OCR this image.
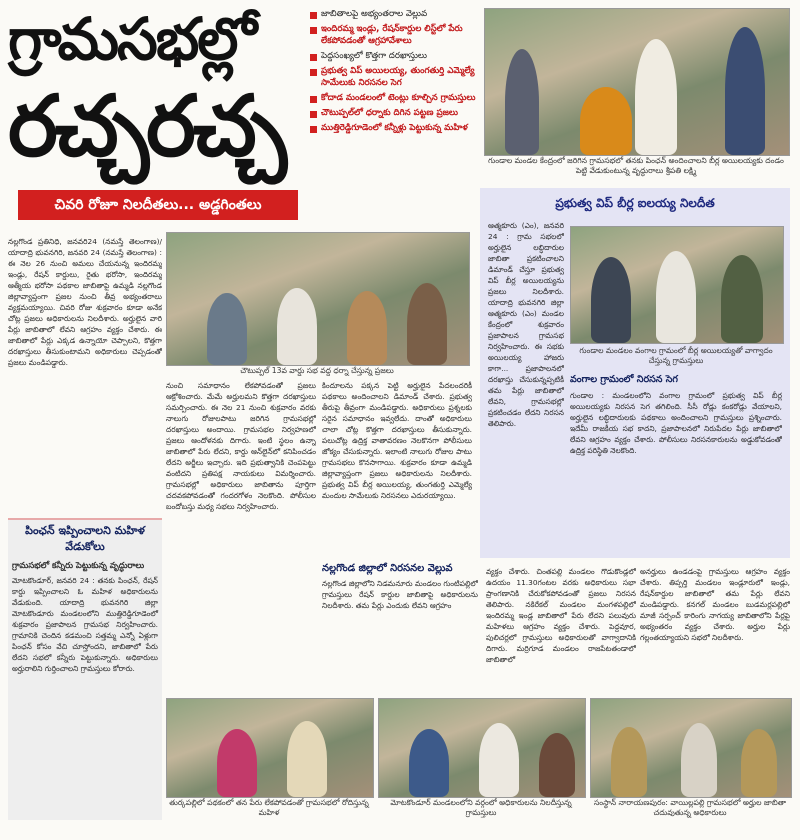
గ్రామసభల్లో
రచ్చరచ్చ
చివరి రోజూ నిలదీతలు... అడ్డగింతలు
జాబితాలపై అభ్యంతరాల వెల్లువ
ఇందిరమ్మ ఇండ్లు, రేషన్‌కార్డుల లిస్ట్‌లో పేరు లేకపోవడంతో ఆగ్రహావేశాలు
పెద్దసంఖ్యలో కొత్తగా దరఖాస్తులు
ప్రభుత్వ విప్ అయిలయ్య, తుంగతుర్తి ఎమ్మెల్యే సామేలుకు నిరసనల సెగ
కోదాడ మండలంలో టెంట్లు కూల్చిన గ్రామస్తులు
చౌటుప్పల్‌లో ధర్నాకు దిగిన పట్టణ ప్రజలు
ముత్తిరెడ్డిగూడెంలో కన్నీళ్లు పెట్టుకున్న మహిళ
గుండాల మండల కేంద్రంలో జరిగిన గ్రామసభలో తనకు పింఛన్ అందించాలని బీర్ల అయిలయ్యకు దండం పెట్టి వేడుకుంటున్న వృద్ధురాలు శ్రీపతి లక్ష్మి
నల్లగొండ ప్రతినిధి, జనవరి24 (నమస్తే తెలంగాణ)/యాదాద్రి భువనగిరి, జనవరి 24 (నమస్తే తెలంగాణ) : ఈ నెల 26 నుంచి అమలు చేయనున్న ఇందిరమ్మ ఇండ్లు, రేషన్ కార్డులు, రైతు భరోసా, ఇందిరమ్మ ఆత్మీయ భరోసా పథకాల జాబితాపై ఉమ్మడి నల్లగొండ జిల్లావ్యాప్తంగా ప్రజల నుంచి తీవ్ర అభ్యంతరాలు వ్యక్తమయ్యాయి. చివరి రోజు శుక్రవారం కూడా అనేక చోట్ల ప్రజలు అధికారులను నిలదీశారు. అర్హులైన వారి పేర్లు జాబితాలో లేవని ఆగ్రహం వ్యక్తం చేశారు. ఈ జాబితాలో పేర్లు ఎక్కడ ఉన్నాయో చెప్పాలని, కొత్తగా దరఖాస్తులు తీసుకుంటామని అధికారులు చెప్పడంతో ప్రజలు మండిపడ్డారు.
చౌటుప్పల్ 13వ వార్డు సభ వద్ద ధర్నా చేస్తున్న ప్రజలు
ప్రభుత్వ విప్ బీర్ల ఐలయ్య నిలదీత
ఆత్మకూరు (ఎం), జనవరి 24 : గ్రామ సభలలో అర్హులైన లబ్ధిదారుల జాబితా ప్రకటించాలని డిమాండ్ చేస్తూ ప్రభుత్వ విప్ బీర్ల అయిలయ్యను ప్రజలు నిలదీశారు. యాదాద్రి భువనగిరి జిల్లా ఆత్మకూరు (ఎం) మండల కేంద్రంలో శుక్రవారం ప్రజాపాలన గ్రామసభ నిర్వహించారు. ఈ సభకు అయిలయ్య హాజరు కాగా... ప్రజాపాలనలో దరఖాస్తు చేసుకున్నప్పటికీ తమ పేర్లు జాబితాలో లేవని, గ్రామసభల్లో ప్రకటించడం లేదని నిరసన తెలిపారు.
గుండాల మండలం వంగాల గ్రామంలో బీర్ల అయిలయ్యతో వాగ్వాదం చేస్తున్న గ్రామస్తులు
వంగాల గ్రామంలో నిరసన సెగ
గుండాల : మండలంలోని వంగాల గ్రామంలో ప్రభుత్వ విప్ బీర్ల అయిలయ్యకు నిరసన సెగ తగిలింది. సీసీ రోడ్లు కంకరోడ్లు వేయాలని, అర్హులైన లబ్ధిదారులకు పథకాలు అందించాలని గ్రామస్తులు ప్రశ్నించారు. ఇదేమీ రాజకీయ సభ కాదని, ప్రజాపాలనలో నిరుపేదల పేర్లు జాబితాలో లేవని ఆగ్రహం వ్యక్తం చేశారు. పోలీసులు నిరసనకారులను అడ్డుకోవడంతో ఉద్రిక్త పరిస్థితి నెలకొంది.
నుంచి సమాధానం లేకపోవడంతో ప్రజలు ఆక్రోశించారు. మేమే అర్హులమని కొత్తగా దరఖాస్తులు సమర్పించారు. ఈ నెల 21 నుంచి శుక్రవారం వరకు నాలుగు రోజులపాటు జరిగిన గ్రామసభల్లో దరఖాస్తులు అందాయి. గ్రామసభల నిర్వహణలో ప్రజలు ఆందోళనకు దిగారు. ఇంటి స్థలం ఉన్నా జాబితాలో పేరు లేదని, కార్డు ఆన్‌లైన్‌లో కనిపించడం లేదని అర్జీలు ఇచ్చారు. ఇది ప్రభుత్వానికి చెంపపెట్టు వంటిదని ప్రతిపక్ష నాయకులు విమర్శించారు. గ్రామసభల్లో అధికారులు జాబితాను పూర్తిగా చదవకపోవడంతో గందరగోళం నెలకొంది. పోలీసుల బందోబస్తు మధ్య సభలు నిర్వహించారు.
కిందూలను పక్కన పెట్టి అర్హులైన పేదలందరికీ పథకాలు అందించాలని డిమాండ్ చేశారు. ప్రభుత్వ తీరుపై తీవ్రంగా మండిపడ్డారు. అధికారులు ప్రశ్నలకు సరైన సమాధానం ఇవ్వలేదు. దాంతో అధికారులు చాలా చోట్ల కొత్తగా దరఖాస్తులు తీసుకున్నారు. పలుచోట్ల ఉద్రిక్త వాతావరణం నెలకొనగా పోలీసులు జోక్యం చేసుకున్నారు. ఇలాంటి నాలుగు రోజుల పాటు గ్రామసభలు కొనసాగాయి. శుక్రవారం కూడా ఉమ్మడి జిల్లావ్యాప్తంగా ప్రజలు అధికారులను నిలదీశారు. ప్రభుత్వ విప్ బీర్ల అయిలయ్య, తుంగతుర్తి ఎమ్మెల్యే మందుల సామేలుకు నిరసనలు ఎదురయ్యాయి.
పింఛన్ ఇప్పించాలని మహిళ వేడుకోలు
గ్రామసభలో కన్నీరు పెట్టుకున్న వృద్ధురాలు
మోటకొండూర్, జనవరి 24 : తనకు పింఛన్, రేషన్ కార్డు ఇప్పించాలని ఓ మహిళ అధికారులను వేడుకుంది. యాదాద్రి భువనగిరి జిల్లా మోటకొండూరు మండలంలోని ముత్తిరెడ్డిగూడెంలో శుక్రవారం ప్రజాపాలన గ్రామసభ నిర్వహించారు. గ్రామానికి చెందిన కడమంచి సత్తమ్మ ఎన్నో ఏళ్లుగా పింఛన్ కోసం వేచి చూస్తోందని, జాబితాలో పేరు లేదని సభలో కన్నీరు పెట్టుకున్నారు. అధికారులు అర్హురాలిని గుర్తించాలని గ్రామస్తులు కోరారు.
వ్యక్తం చేశారు. చింతపల్లి మండలం గొడుకొండ్లలో ఉదయం 11.30గంటల వరకు అధికారులు సభా ప్రాంగణానికి చేరుకోకపోవడంతో ప్రజలు నిరసన తెలిపారు. నకిరేకల్ మండలం మంగళపల్లిలో ఇందిరమ్మ ఇండ్ల జాబితాలో పేరు లేదని పలువురు మహిళలు ఆగ్రహం వ్యక్తం చేశారు. పెద్దవూర, పులిచర్లలో గ్రామస్తులు అధికారులతో వాగ్వాదానికి దిగారు. మర్రిగూడ మండలం రాజపేటతండాలో జాబితాలో
అనర్హులు ఉండడంపై గ్రామస్తులు ఆగ్రహం వ్యక్తం చేశారు. తిప్పర్తి మండలం ఇండ్లూరులో ఇండ్లు, రేషన్‌కార్డుల జాబితాలో తమ పేర్లు లేవని మండిపడ్డారు. కనగల్ మండలం బుడమర్లపల్లిలో మాజీ సర్పంచ్ కారింగు నాగయ్య జాబితాలోని పేర్లపై అభ్యంతరం వ్యక్తం చేశారు. అర్హుల పేర్లు గల్లంతయ్యాయని సభలో నిలదీశారు.
నల్లగొండ జిల్లాలో నిరసనల వెల్లువ
నల్లగొండ జిల్లాలోని నిడమనూరు మండలం గుంటిపల్లిలో గ్రామస్తులు రేషన్ కార్డుల జాబితాపై అధికారులను నిలదీశారు. తమ పేర్లు ఎందుకు లేవని ఆగ్రహం
తుర్కపల్లిలో పథకంలో తన పేరు లేకపోవడంతో గ్రామసభలో రోదిస్తున్న మహిళ
మోటకొండూర్ మండలంలోని వర్గంలో అధికారులను నిలదీస్తున్న గ్రామస్తులు
సంస్థాన్ నారాయణపురం: వాయిల్లపల్లి గ్రామసభలో అర్హుల జాబితా చదువుతున్న అధికారులు
